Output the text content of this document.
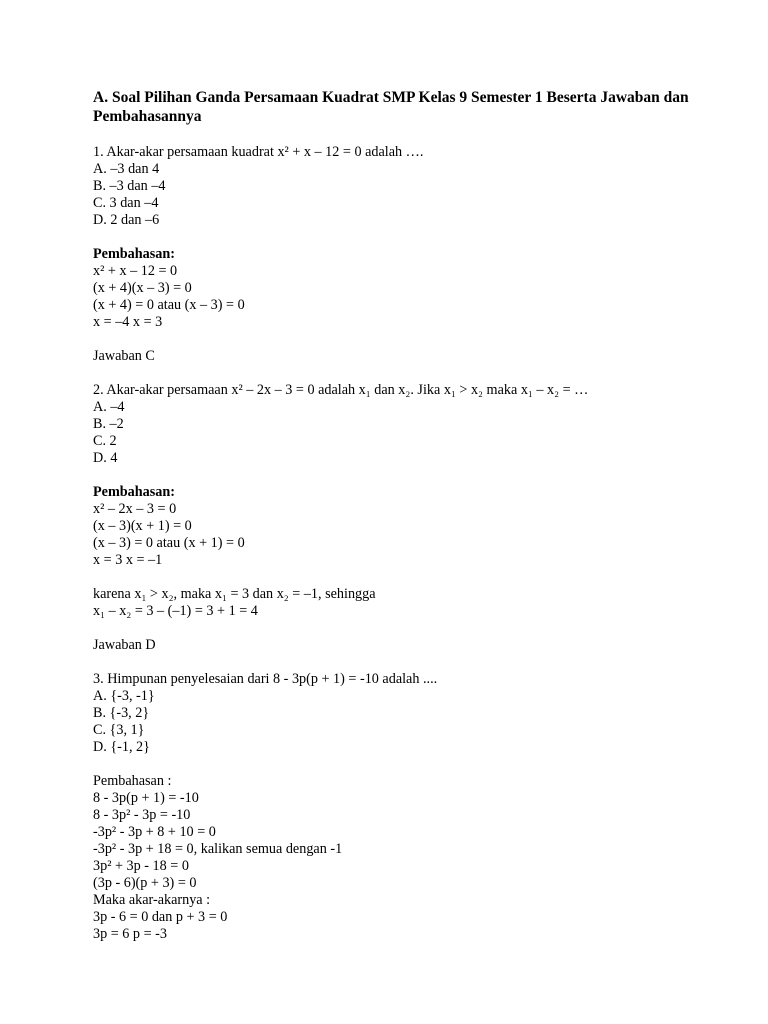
A. Soal Pilihan Ganda Persamaan Kuadrat SMP Kelas 9 Semester 1 Beserta Jawaban dan Pembahasannya
1. Akar-akar persamaan kuadrat x² + x – 12 = 0 adalah ….
A. –3 dan 4
B. –3 dan –4
C. 3 dan –4
D. 2 dan –6
Pembahasan:
x² + x – 12 = 0
(x + 4)(x – 3) = 0
(x + 4) = 0 atau (x – 3) = 0
x = –4 x = 3
Jawaban C
2. Akar-akar persamaan x² – 2x – 3 = 0 adalah x₁ dan x₂. Jika x₁ > x₂ maka x₁ – x₂ = …
A. –4
B. –2
C. 2
D. 4
Pembahasan:
x² – 2x – 3 = 0
(x – 3)(x + 1) = 0
(x – 3) = 0 atau (x + 1) = 0
x = 3 x = –1
karena x₁ > x₂, maka x₁ = 3 dan x₂ = –1, sehingga
x₁ – x₂ = 3 – (–1) = 3 + 1 = 4
Jawaban D
3. Himpunan penyelesaian dari 8 - 3p(p + 1) = -10 adalah ....
A. {-3, -1}
B. {-3, 2}
C. {3, 1}
D. {-1, 2}
Pembahasan :
8 - 3p(p + 1) = -10
8 - 3p² - 3p = -10
-3p² - 3p + 8 + 10 = 0
-3p² - 3p + 18 = 0, kalikan semua dengan -1
3p² + 3p - 18 = 0
(3p - 6)(p + 3) = 0
Maka akar-akarnya :
3p - 6 = 0 dan p + 3 = 0
3p = 6 p = -3
